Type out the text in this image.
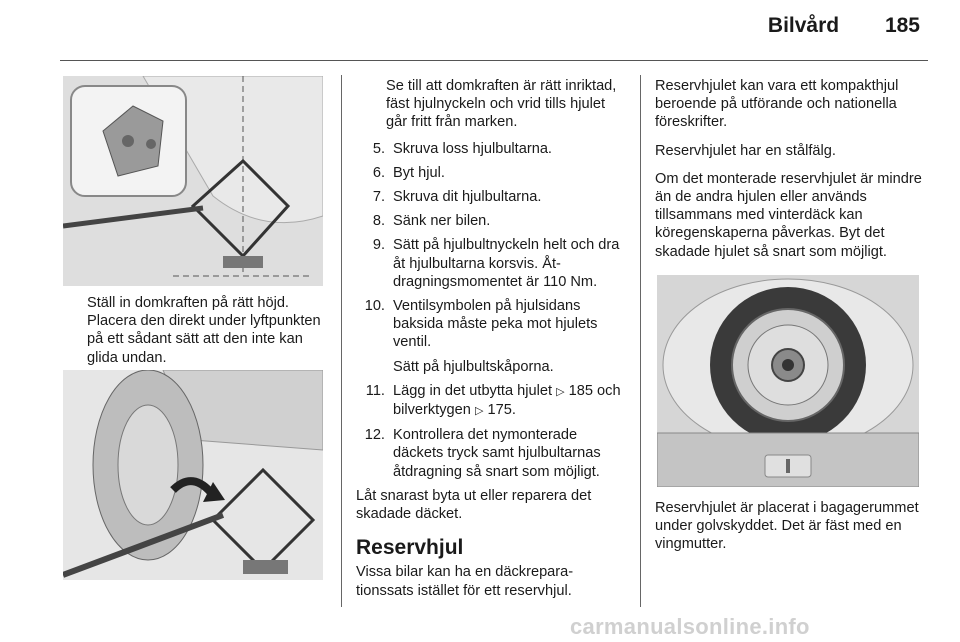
Bilvård 185

Ställ in domkraften på rätt höjd. Placera den direkt under lyftpunkten på ett sådant sätt att den inte kan glida undan.

Se till att domkraften är rätt inriktad, fäst hjulnyckeln och vrid tills hjulet går fritt från marken.

5. Skruva loss hjulbultarna.
6. Byt hjul.
7. Skruva dit hjulbultarna.
8. Sänk ner bilen.
9. Sätt på hjulbultnyckeln helt och dra åt hjulbultarna korsvis. Åtdragningsmomentet är 110 Nm.
10. Ventilsymbolen på hjulsidans baksida måste peka mot hjulets ventil.
Sätt på hjulbultskåporna.
11. Lägg in det utbytta hjulet ▷ 185 och bilverktygen ▷ 175.
12. Kontrollera det nymonterade däckets tryck samt hjulbultarnas åtdragning så snart som möjligt.

Låt snarast byta ut eller reparera det skadade däcket.

Reservhjul

Vissa bilar kan ha en däckreparationssats istället för ett reservhjul.

Reservhjulet kan vara ett kompakthjul beroende på utförande och nationella föreskrifter.

Reservhjulet har en stålfälg.

Om det monterade reservhjulet är mindre än de andra hjulen eller används tillsammans med vinterdäck kan köregenskaperna påverkas. Byt det skadade hjulet så snart som möjligt.

Reservhjulet är placerat i bagagerummet under golvskyddet. Det är fäst med en vingmutter.

carmanualsonline.info
